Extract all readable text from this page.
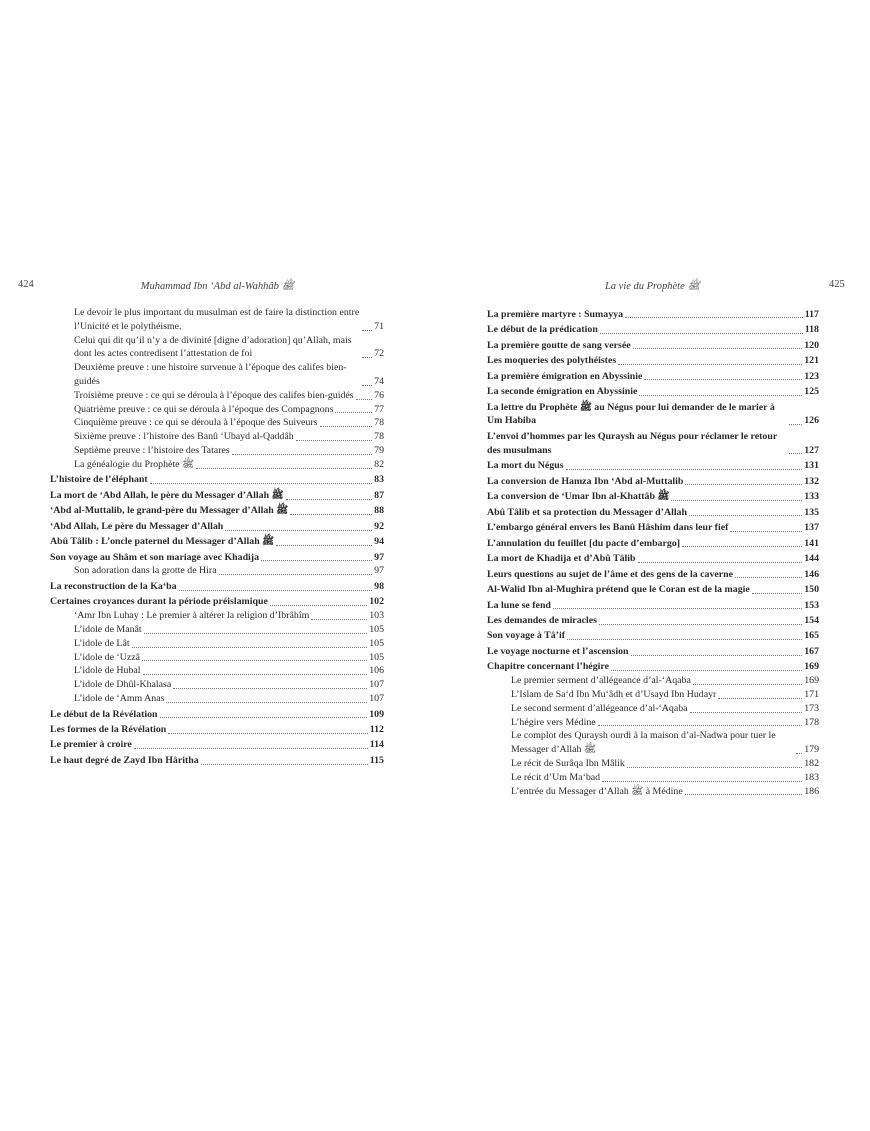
424	Muhammad Ibn ‘Abd al-Wahhâb ﷺ
Le devoir le plus important du musulman est de faire la distinction entre l’Unicité et le polythéisme.	71
Celui qui dit qu’il n’y a de divinité [digne d’adoration] qu’Allah, mais dont les actes contredisent l’attestation de foi	72
Deuxième preuve : une histoire survenue à l’époque des califes bien-guidés	74
Troisième preuve : ce qui se déroula à l’époque des califes bien-guidés 76
Quatrième preuve : ce qui se déroula à l’époque des Compagnons	77
Cinquième preuve : ce qui se déroula à l’époque des Suiveurs	78
Sixième preuve : l’histoire des Banû ‘Ubayd al-Qaddâh	78
Septième preuve : l’histoire des Tatares	79
La généalogie du Prophète ﷺ	82
L’histoire de l’éléphant	83
La mort de ‘Abd Allah, le père du Messager d’Allah ﷺ	87
‘Abd al-Muttalib, le grand-père du Messager d’Allah ﷺ	88
‘Abd Allah, Le père du Messager d’Allah	92
Abû Tâlib : L’oncle paternel du Messager d’Allah ﷺ	94
Son voyage au Shâm et son mariage avec Khadija	97
Son adoration dans la grotte de Hira	97
La reconstruction de la Ka‘ba	98
Certaines croyances durant la période préislamique	102
‘Amr Ibn Luhay : Le premier à altérer la religion d’Ibrâhîm	103
L’idole de Manât	105
L’idole de Lât	105
L’idole de ‘Uzzâ	105
L’idole de Hubal	106
L’idole de Dhûl-Khalasa	107
L’idole de ‘Amm Anas	107
Le début de la Révélation	109
Les formes de la Révélation	112
Le premier à croire	114
Le haut degré de Zayd Ibn Hâritha	115
La vie du Prophète ﷺ	425
La première martyre : Sumayya	117
Le début de la prédication	118
La première goutte de sang versée	120
Les moqueries des polythéistes	121
La première émigration en Abyssinie	123
La seconde émigration en Abyssinie	125
La lettre du Prophète ﷺ au Négus pour lui demander de le marier à Um Habiba	126
L’envoi d’hommes par les Quraysh au Négus pour réclamer le retour des musulmans	127
La mort du Négus	131
La conversion de Hamza Ibn ‘Abd al-Muttalib	132
La conversion de ‘Umar Ibn al-Khattâb ﷺ	133
Abû Tâlib et sa protection du Messager d’Allah	135
L’embargo général envers les Banû Hâshim dans leur fief	137
L’annulation du feuillet [du pacte d’embargo]	141
La mort de Khadija et d’Abû Tâlib	144
Leurs questions au sujet de l’âme et des gens de la caverne	146
Al-Walid Ibn al-Mughira prétend que le Coran est de la magie	150
La lune se fend	153
Les demandes de miracles	154
Son voyage à Tâ’if	165
Le voyage nocturne et l’ascension	167
Chapitre concernant l’hégire	169
Le premier serment d’allégeance d’al-‘Aqaba	169
L’Islam de Sa‘d Ibn Mu‘âdh et d’Usayd Ibn Hudayr	171
Le second serment d’allégeance d’al-‘Aqaba	173
L’hégire vers Médine	178
Le complot des Quraysh ourdi à la maison d’al-Nadwa pour tuer le Messager d’Allah ﷺ	179
Le récit de Surâqa Ibn Mâlik	182
Le récit d’Um Ma‘bad	183
L’entrée du Messager d’Allah ﷺ à Médine	186
